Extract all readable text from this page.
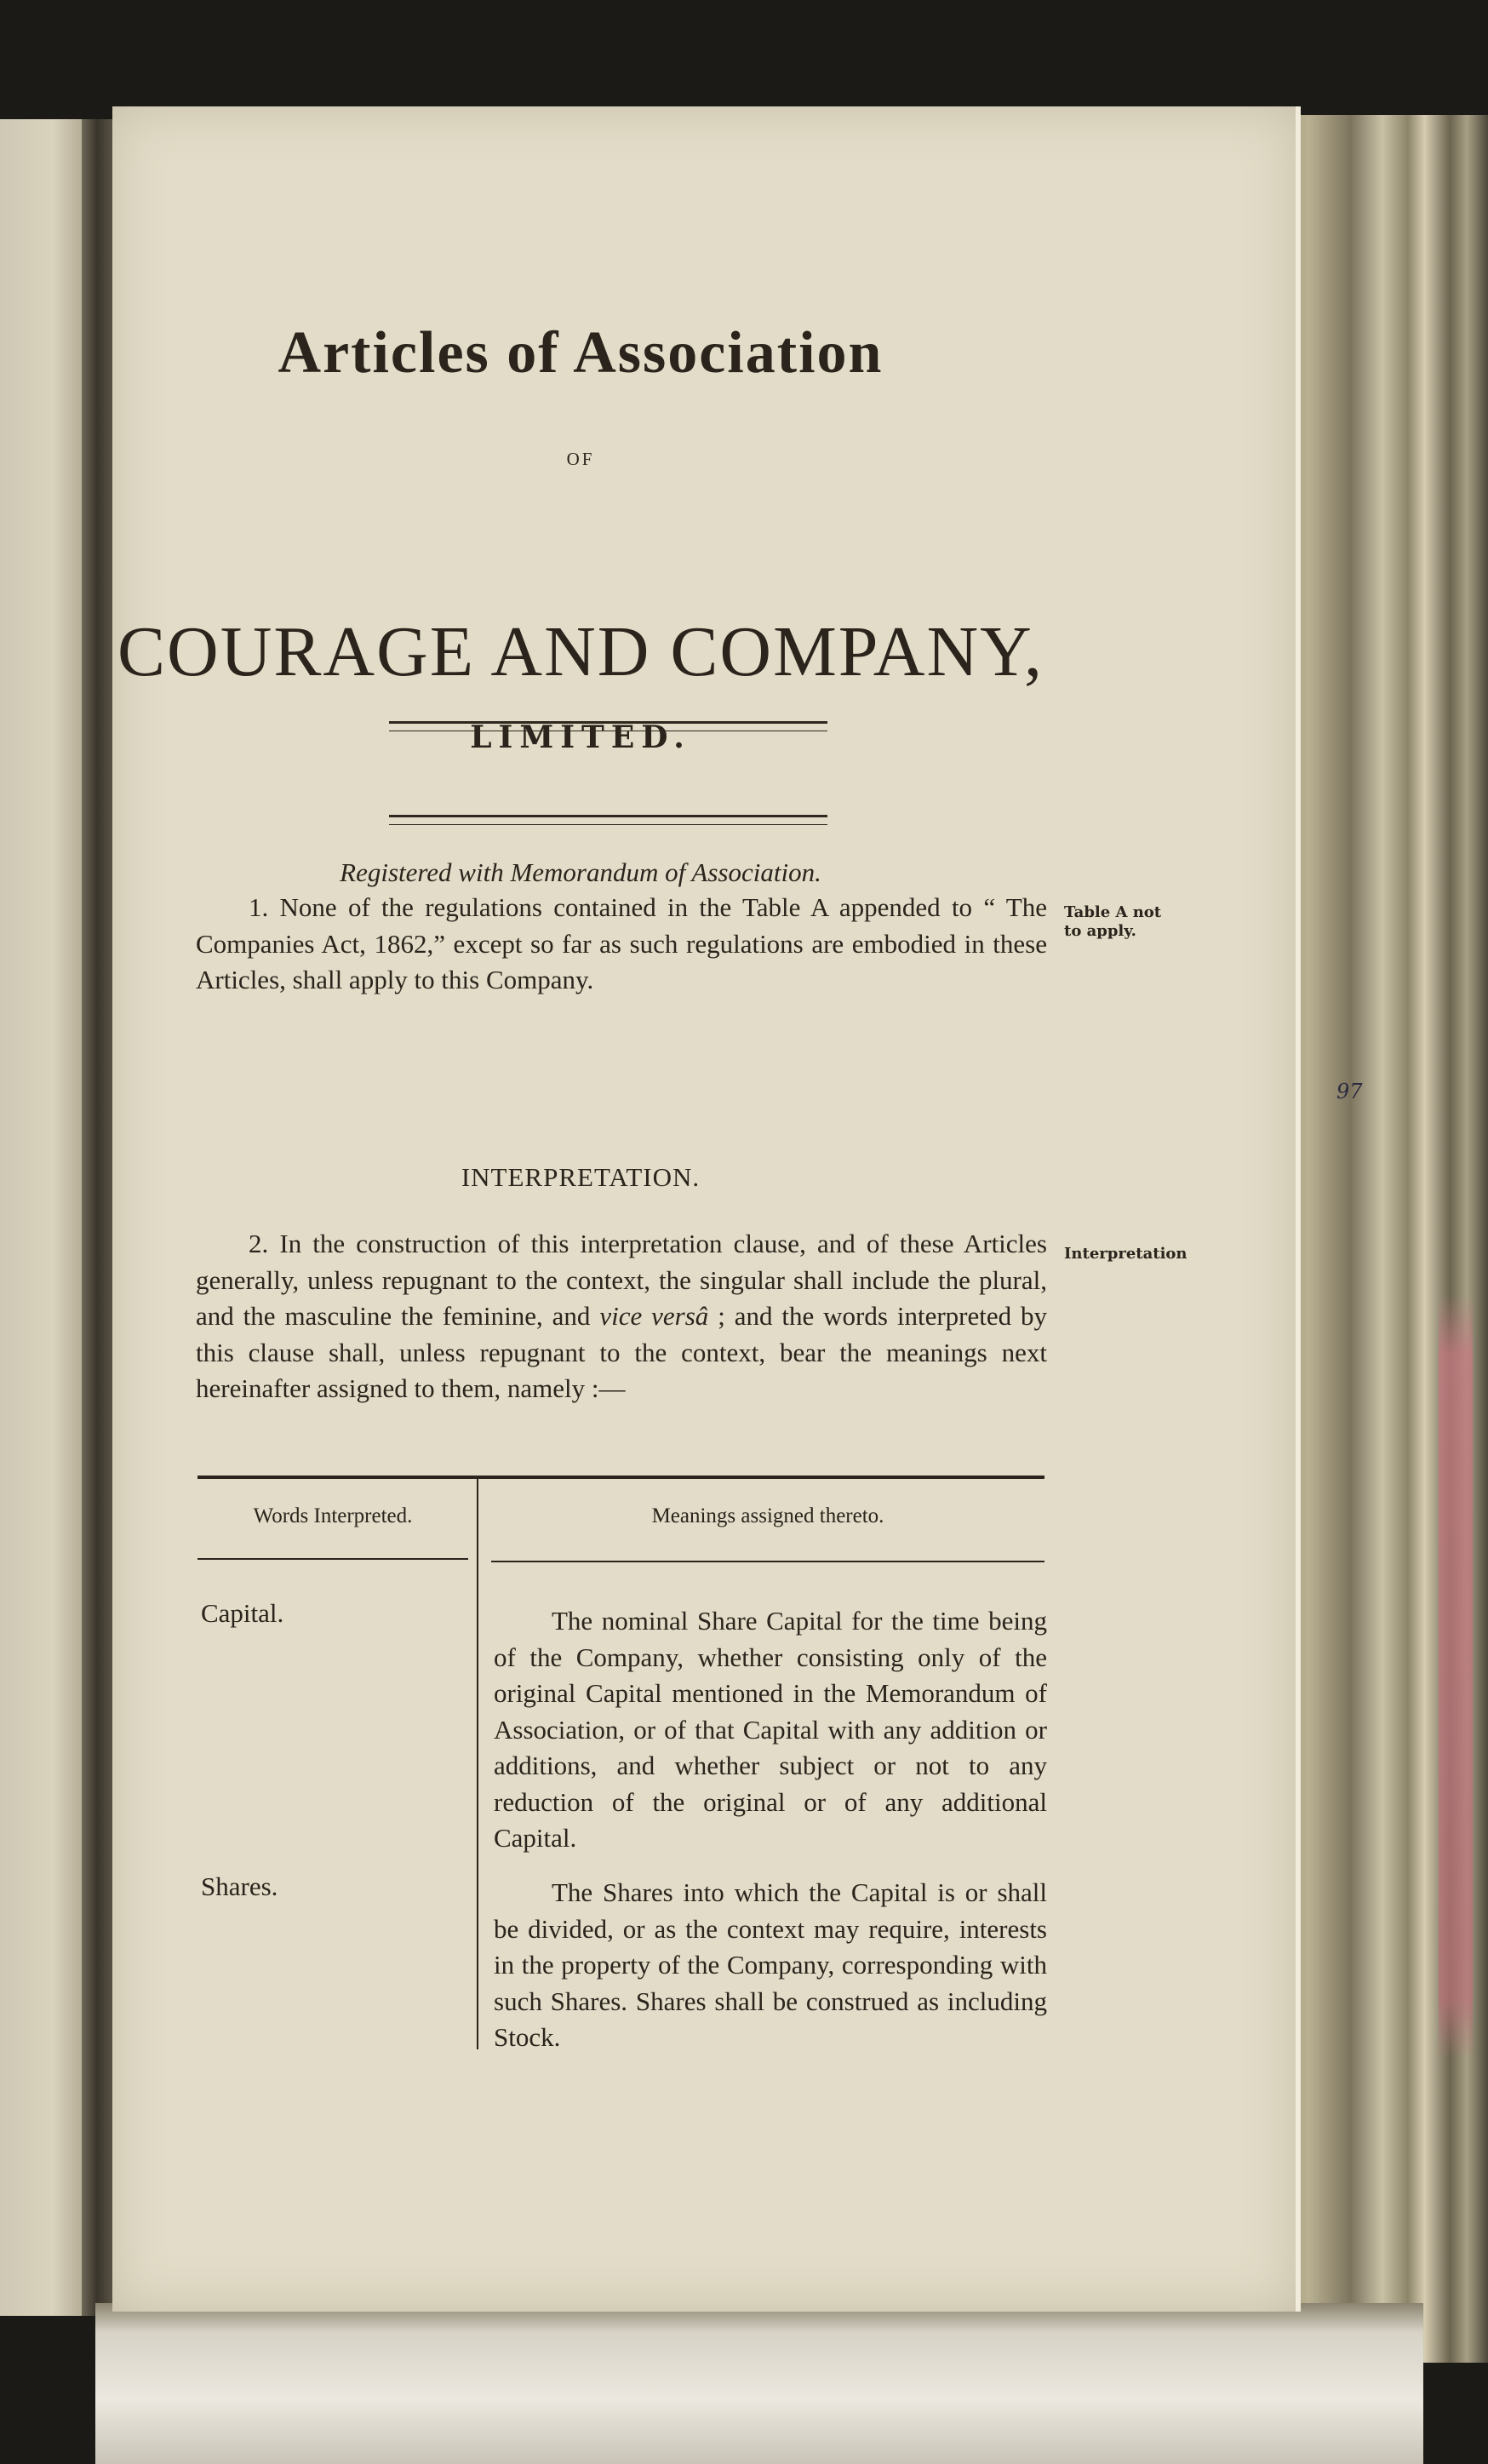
97
Articles of Association
OF
COURAGE AND COMPANY,
LIMITED.
Registered with Memorandum of Association.
1. None of the regulations contained in the Table A appended to “ The Companies Act, 1862,” except so far as such regulations are embodied in these Articles, shall apply to this Company.
Table A not
to apply.
INTERPRETATION.
2. In the construction of this interpretation clause, and of these Articles generally, unless repugnant to the context, the singular shall include the plural, and the masculine the feminine, and vice versâ ; and the words interpreted by this clause shall, unless repugnant to the context, bear the meanings next hereinafter assigned to them, namely :—
Interpretation
Words Interpreted.	Meanings assigned thereto.
Capital.	The nominal Share Capital for the time being of the Company, whether consisting only of the original Capital mentioned in the Memorandum of Association, or of that Capital with any addition or additions, and whether subject or not to any reduction of the original or of any additional Capital.
Shares.	The Shares into which the Capital is or shall be divided, or as the context may require, interests in the property of the Company, corresponding with such Shares. Shares shall be construed as including Stock.
